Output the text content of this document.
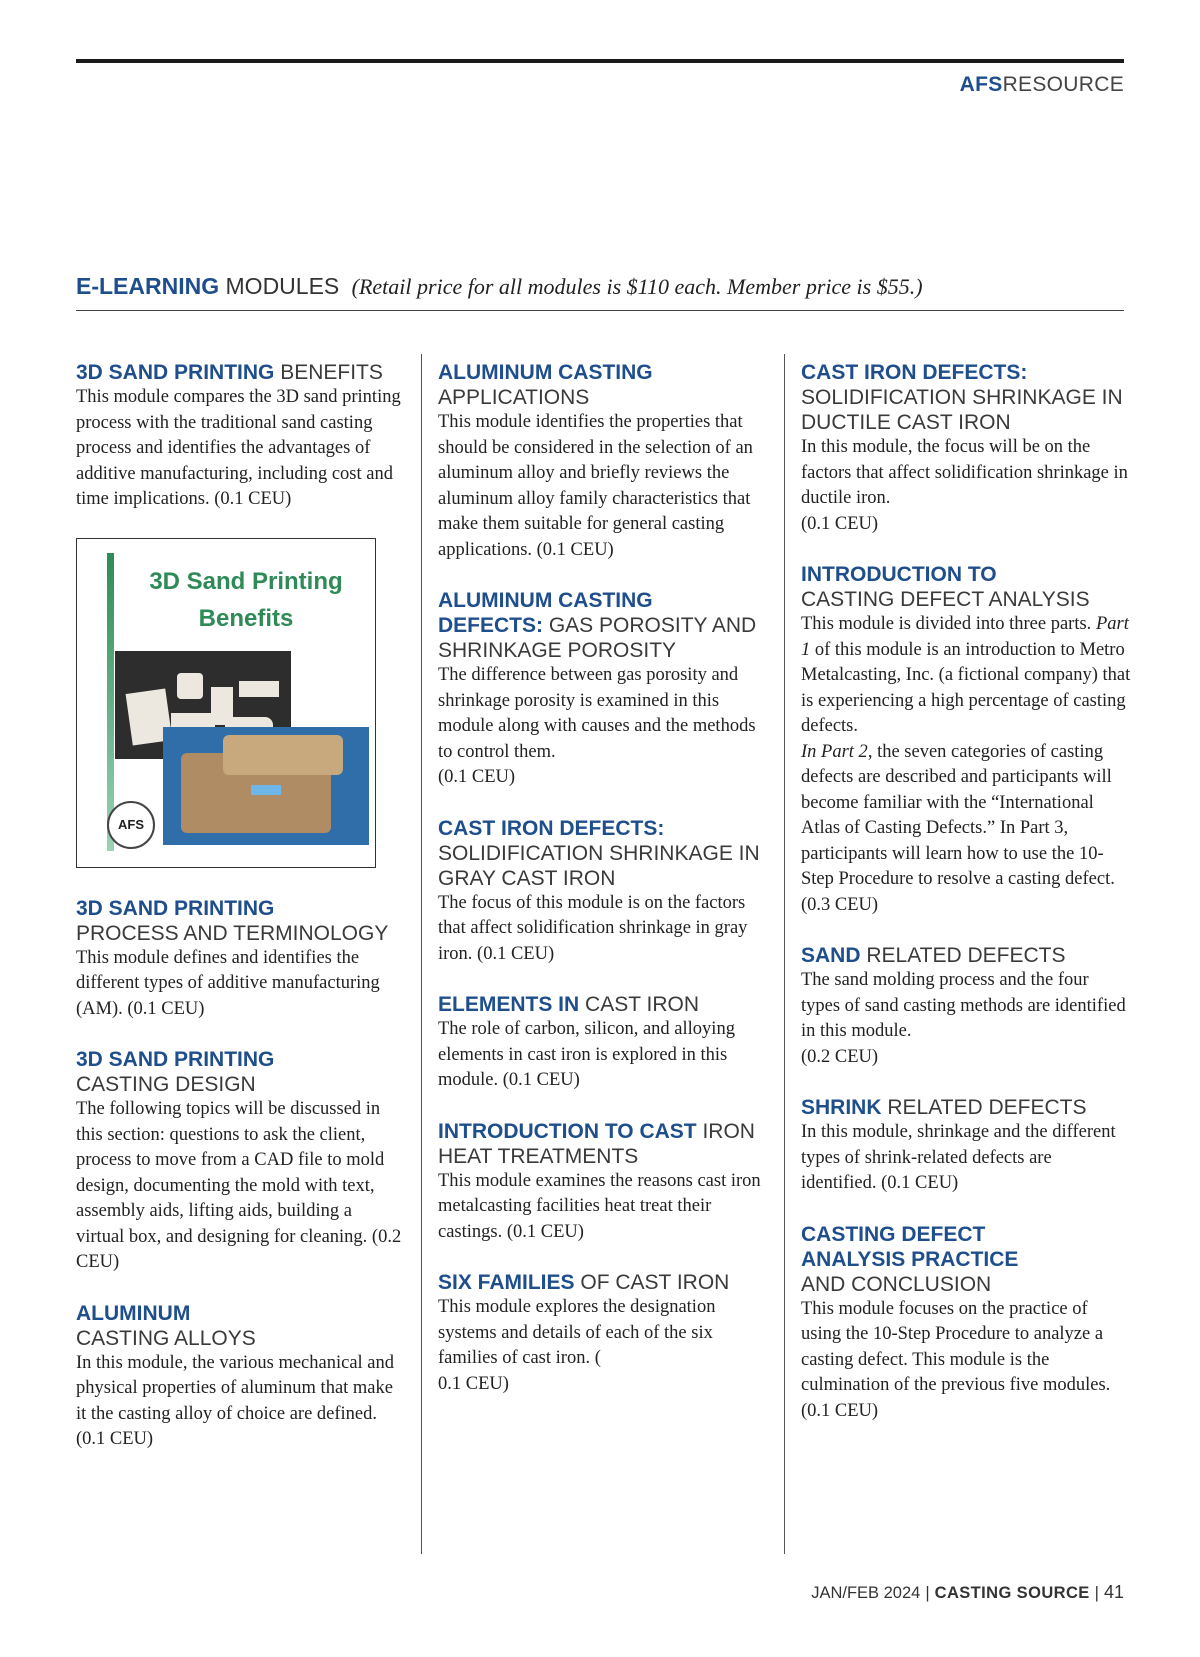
AFSRESOURCE
E-LEARNING MODULES (Retail price for all modules is $110 each. Member price is $55.)
3D SAND PRINTING BENEFITS

This module compares the 3D sand printing process with the traditional sand casting process and identifies the advantages of additive manufacturing, including cost and time implications. (0.1 CEU)

3D Sand Printing
Benefits
AFS
3D SAND PRINTING
PROCESS AND TERMINOLOGY

This module defines and identifies the different types of additive manufacturing (AM). (0.1 CEU)

3D SAND PRINTING
CASTING DESIGN

The following topics will be discussed in this section: questions to ask the client, process to move from a CAD file to mold design, documenting the mold with text, assembly aids, lifting aids, building a virtual box, and designing for cleaning. (0.2 CEU)

ALUMINUM
CASTING ALLOYS

In this module, the various mechanical and physical properties of aluminum that make it the casting alloy of choice are defined. (0.1 CEU)

ALUMINUM CASTING
APPLICATIONS

This module identifies the properties that should be considered in the selection of an aluminum alloy and briefly reviews the aluminum alloy family characteristics that make them suitable for general casting applications. (0.1 CEU)

ALUMINUM CASTING
DEFECTS: GAS POROSITY AND SHRINKAGE POROSITY

The difference between gas porosity and shrinkage porosity is examined in this module along with causes and the methods to control them.
(0.1 CEU)

CAST IRON DEFECTS:
SOLIDIFICATION SHRINKAGE IN GRAY CAST IRON

The focus of this module is on the factors that affect solidification shrinkage in gray iron. (0.1 CEU)

ELEMENTS IN CAST IRON

The role of carbon, silicon, and alloying elements in cast iron is explored in this module. (0.1 CEU)

INTRODUCTION TO CAST IRON HEAT TREATMENTS

This module examines the reasons cast iron metalcasting facilities heat treat their castings. (0.1 CEU)

SIX FAMILIES OF CAST IRON

This module explores the designation systems and details of each of the six families of cast iron. (
0.1 CEU)

CAST IRON DEFECTS:
SOLIDIFICATION SHRINKAGE IN DUCTILE CAST IRON

In this module, the focus will be on the factors that affect solidification shrinkage in ductile iron.
(0.1 CEU)

INTRODUCTION TO
CASTING DEFECT ANALYSIS

This module is divided into three parts. Part 1 of this module is an introduction to Metro Metalcasting, Inc. (a fictional company) that is experiencing a high percentage of casting defects.

In Part 2, the seven categories of casting defects are described and participants will become familiar with the “International Atlas of Casting Defects.” In Part 3, participants will learn how to use the 10-Step Procedure to resolve a casting defect. (0.3 CEU)

SAND RELATED DEFECTS

The sand molding process and the four types of sand casting methods are identified in this module.
(0.2 CEU)

SHRINK RELATED DEFECTS

In this module, shrinkage and the different types of shrink-related defects are identified. (0.1 CEU)

CASTING DEFECT
ANALYSIS PRACTICE
AND CONCLUSION

This module focuses on the practice of using the 10-Step Procedure to analyze a casting defect. This module is the culmination of the previous five modules.
(0.1 CEU)

JAN/FEB 2024 | CASTING SOURCE | 41
